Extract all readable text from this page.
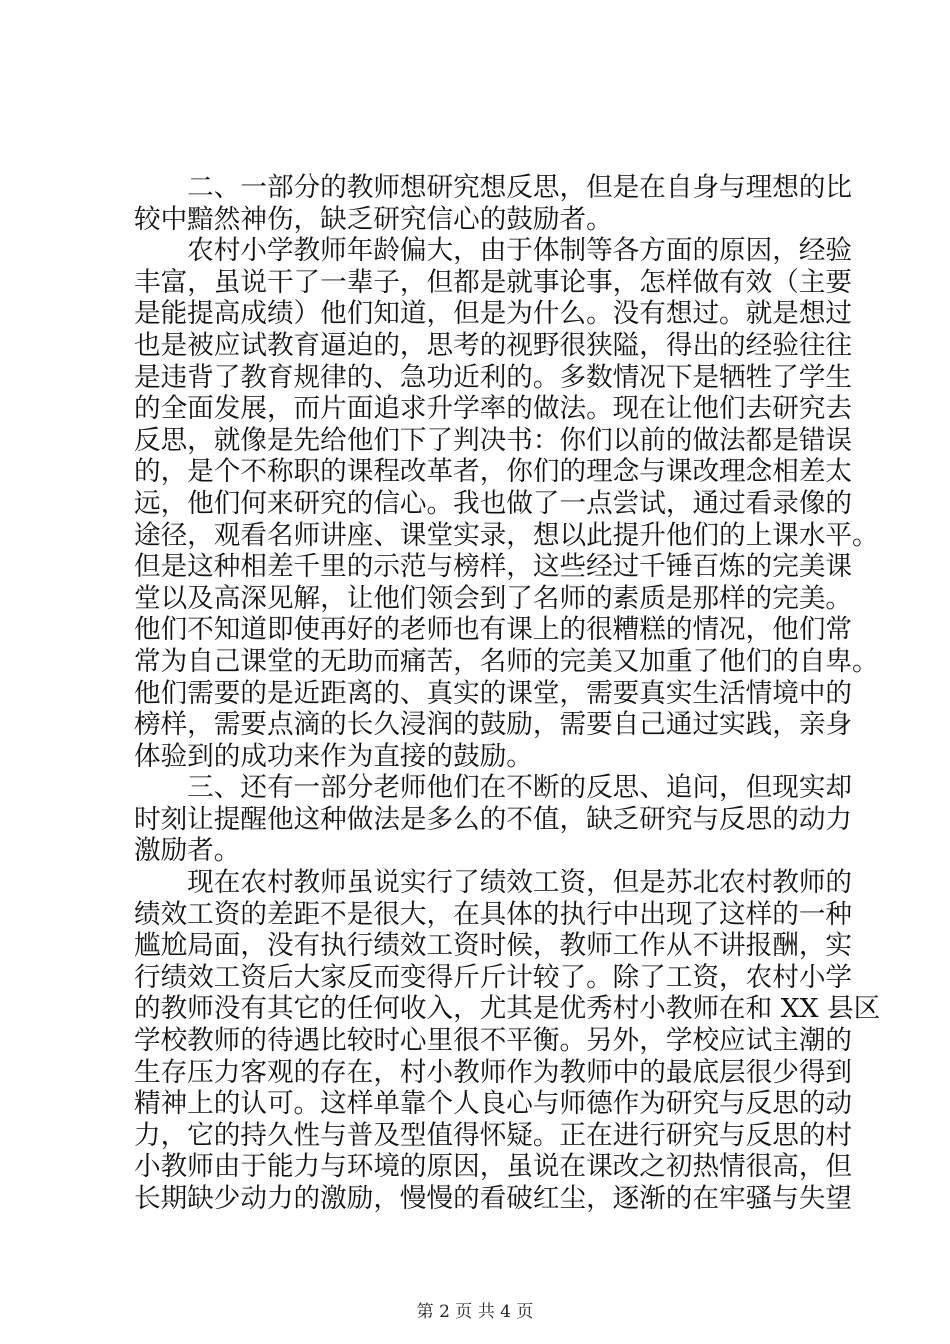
　　二、一部分的教师想研究想反思，但是在自身与理想的比
较中黯然神伤，缺乏研究信心的鼓励者。
　　农村小学教师年龄偏大，由于体制等各方面的原因，经验
丰富，虽说干了一辈子，但都是就事论事，怎样做有效（主要
是能提高成绩）他们知道，但是为什么。没有想过。就是想过
也是被应试教育逼迫的，思考的视野很狭隘，得出的经验往往
是违背了教育规律的、急功近利的。多数情况下是牺牲了学生
的全面发展，而片面追求升学率的做法。现在让他们去研究去
反思，就像是先给他们下了判决书：你们以前的做法都是错误
的，是个不称职的课程改革者，你们的理念与课改理念相差太
远，他们何来研究的信心。我也做了一点尝试，通过看录像的
途径，观看名师讲座、课堂实录，想以此提升他们的上课水平。
但是这种相差千里的示范与榜样，这些经过千锤百炼的完美课
堂以及高深见解，让他们领会到了名师的素质是那样的完美。
他们不知道即使再好的老师也有课上的很糟糕的情况，他们常
常为自己课堂的无助而痛苦，名师的完美又加重了他们的自卑。
他们需要的是近距离的、真实的课堂，需要真实生活情境中的
榜样，需要点滴的长久浸润的鼓励，需要自己通过实践，亲身
体验到的成功来作为直接的鼓励。
　　三、还有一部分老师他们在不断的反思、追问，但现实却
时刻让提醒他这种做法是多么的不值，缺乏研究与反思的动力
激励者。
　　现在农村教师虽说实行了绩效工资，但是苏北农村教师的
绩效工资的差距不是很大，在具体的执行中出现了这样的一种
尴尬局面，没有执行绩效工资时候，教师工作从不讲报酬，实
行绩效工资后大家反而变得斤斤计较了。除了工资，农村小学
的教师没有其它的任何收入，尤其是优秀村小教师在和 XX 县区
学校教师的待遇比较时心里很不平衡。另外，学校应试主潮的
生存压力客观的存在，村小教师作为教师中的最底层很少得到
精神上的认可。这样单靠个人良心与师德作为研究与反思的动
力，它的持久性与普及型值得怀疑。正在进行研究与反思的村
小教师由于能力与环境的原因，虽说在课改之初热情很高，但
长期缺少动力的激励，慢慢的看破红尘，逐渐的在牢骚与失望
第 2 页 共 4 页
